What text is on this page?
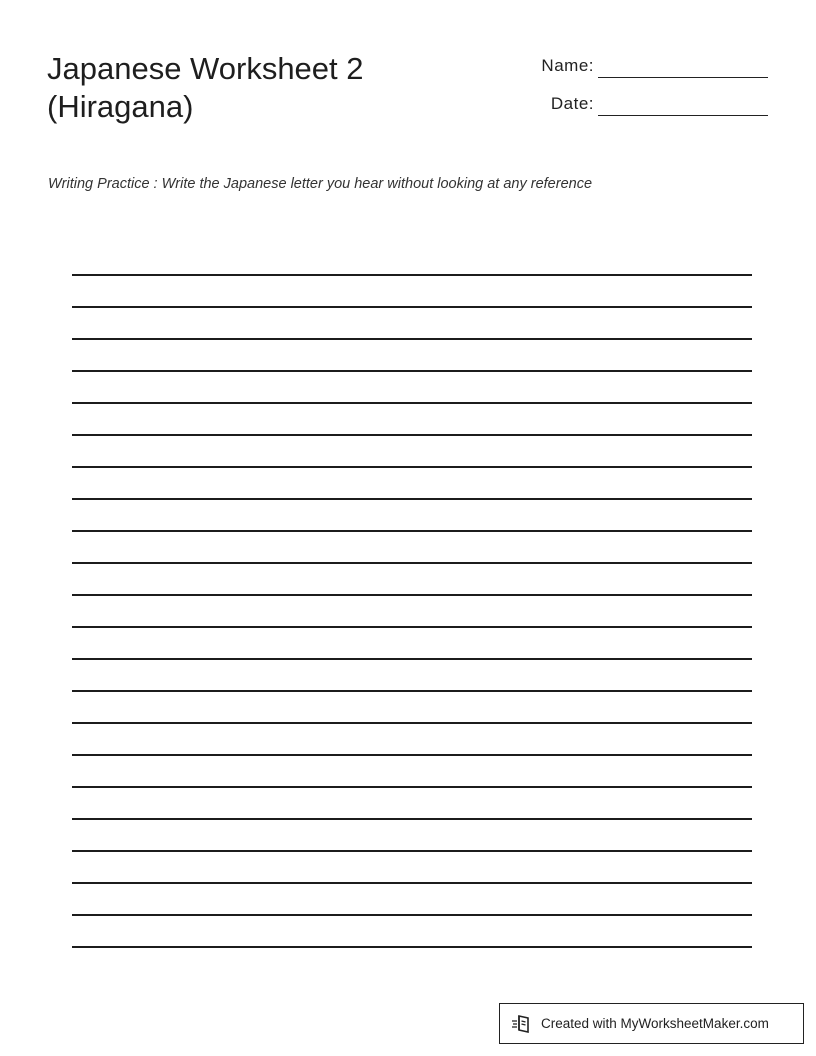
Japanese Worksheet 2
(Hiragana)
Name:
Date:

Writing Practice : Write the Japanese letter you hear without looking at any reference

Created with MyWorksheetMaker.com
